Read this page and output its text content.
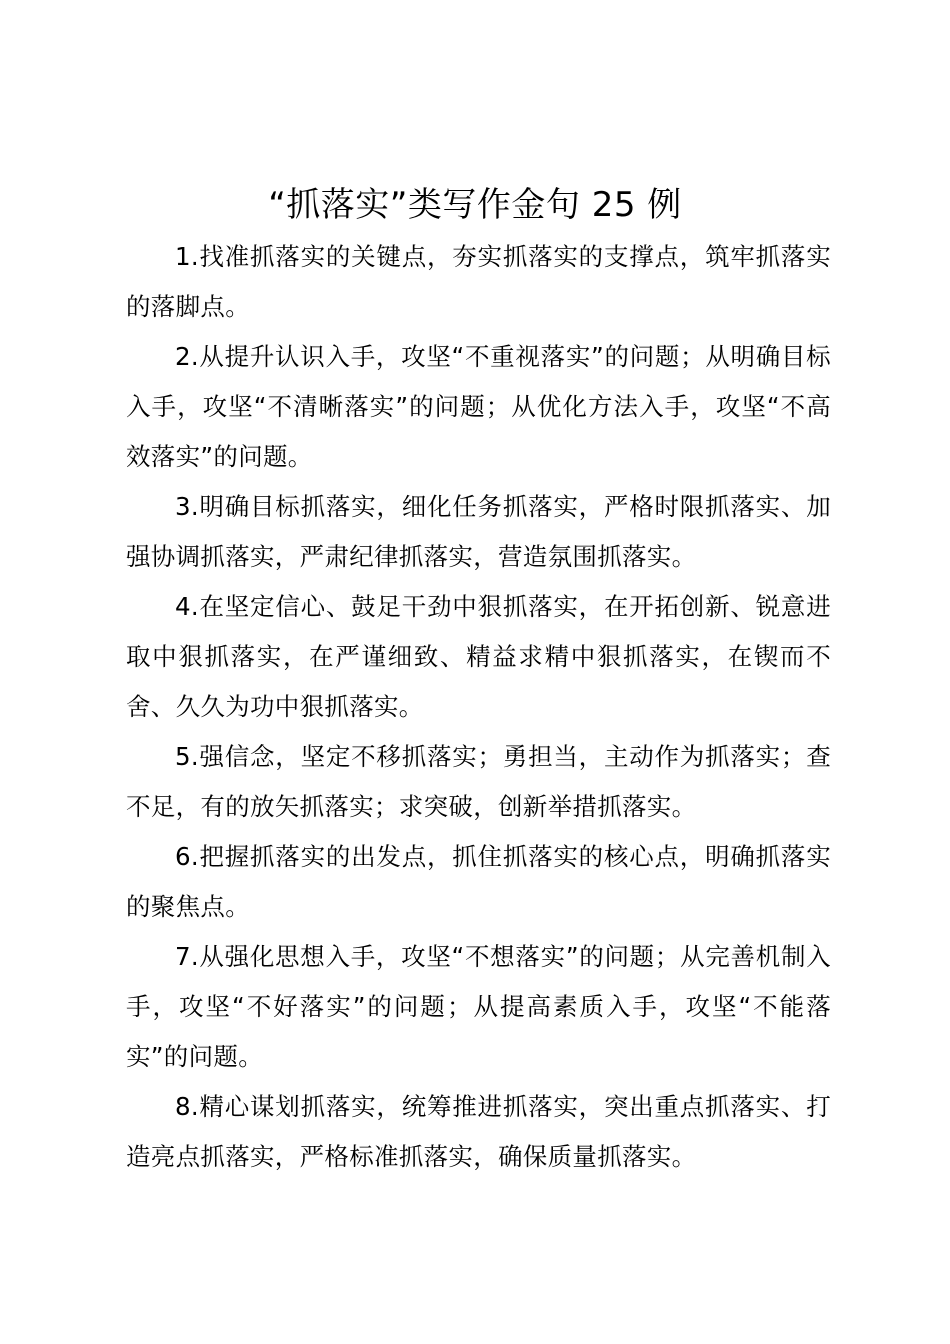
“抓落实”类写作金句 25 例

1.找准抓落实的关键点，夯实抓落实的支撑点，筑牢抓落实的落脚点。

2.从提升认识入手，攻坚“不重视落实”的问题；从明确目标入手，攻坚“不清晰落实”的问题；从优化方法入手，攻坚“不高效落实”的问题。

3.明确目标抓落实，细化任务抓落实，严格时限抓落实、加强协调抓落实，严肃纪律抓落实，营造氛围抓落实。

4.在坚定信心、鼓足干劲中狠抓落实，在开拓创新、锐意进取中狠抓落实，在严谨细致、精益求精中狠抓落实，在锲而不舍、久久为功中狠抓落实。

5.强信念，坚定不移抓落实；勇担当，主动作为抓落实；查不足，有的放矢抓落实；求突破，创新举措抓落实。

6.把握抓落实的出发点，抓住抓落实的核心点，明确抓落实的聚焦点。

7.从强化思想入手，攻坚“不想落实”的问题；从完善机制入手，攻坚“不好落实”的问题；从提高素质入手，攻坚“不能落实”的问题。

8.精心谋划抓落实，统筹推进抓落实，突出重点抓落实、打造亮点抓落实，严格标准抓落实，确保质量抓落实。
